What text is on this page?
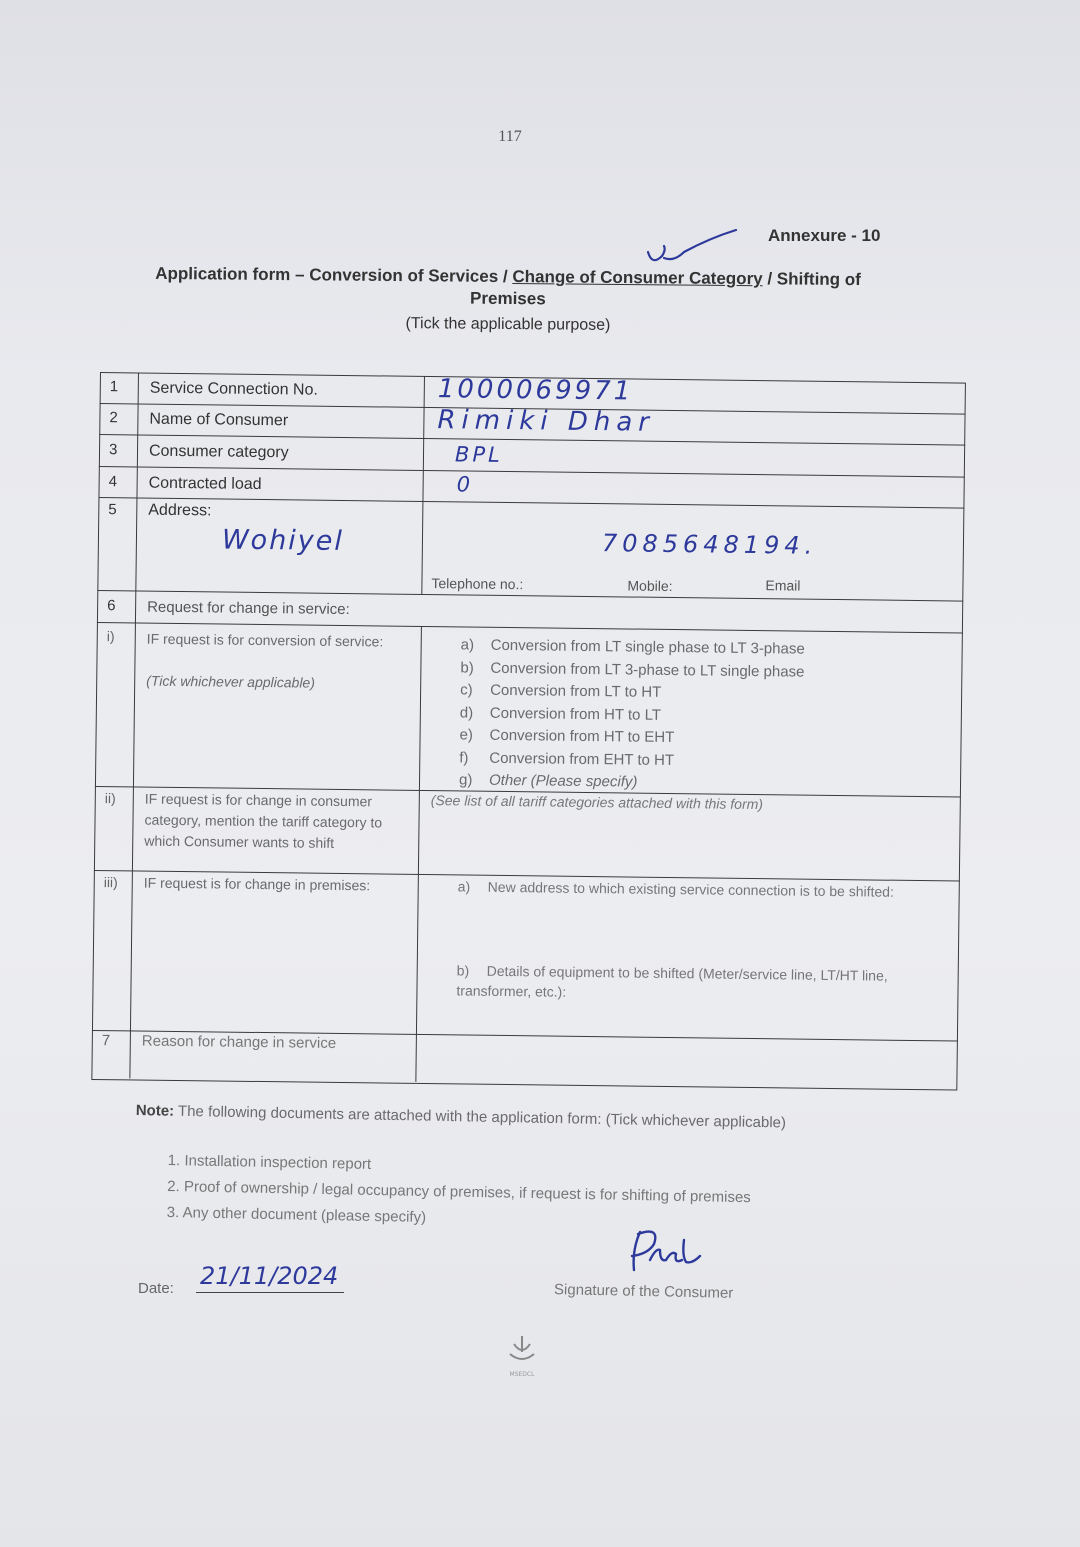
117
Annexure - 10
Application form – Conversion of Services / Change of Consumer Category / Shifting of Premises
(Tick the applicable purpose)
1 Service Connection No.	1000069971
2 Name of Consumer	Rimiki Dhar
3 Consumer category	BPL
4 Contracted load	0
5 Address:
Wohiyel	7085648194.
Telephone no.:	Mobile:	Email
6 Request for change in service:
i) IF request is for conversion of service:
(Tick whichever applicable)
a) Conversion from LT single phase to LT 3-phase
b) Conversion from LT 3-phase to LT single phase
c) Conversion from LT to HT
d) Conversion from HT to LT
e) Conversion from HT to EHT
f) Conversion from EHT to HT
g) Other (Please specify)
ii) IF request is for change in consumer category, mention the tariff category to which Consumer wants to shift
(See list of all tariff categories attached with this form)
iii) IF request is for change in premises:	a) New address to which existing service connection is to be shifted:
b) Details of equipment to be shifted (Meter/service line, LT/HT line, transformer, etc.):
7 Reason for change in service
Note: The following documents are attached with the application form: (Tick whichever applicable)
1. Installation inspection report
2. Proof of ownership / legal occupancy of premises, if request is for shifting of premises
3. Any other document (please specify)
Date: 21/11/2024	Dhar
Signature of the Consumer
MSEDCL
